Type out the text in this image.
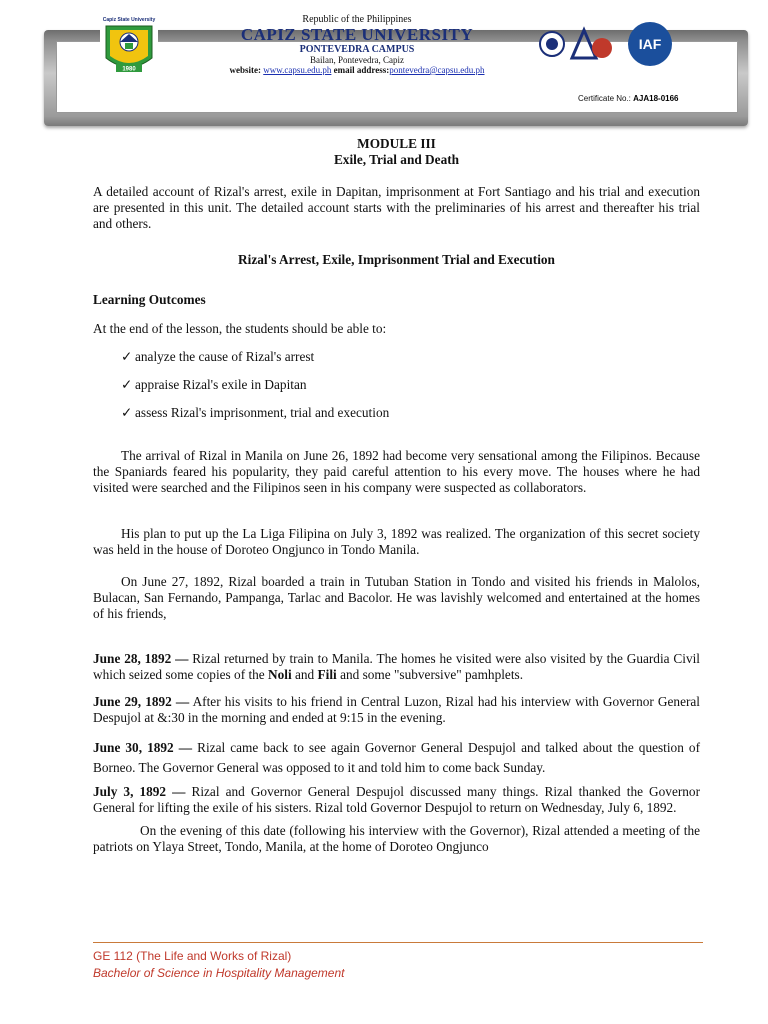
Capiz State University
1980
Republic of the Philippines
CAPIZ STATE UNIVERSITY
PONTEVEDRA CAMPUS
Bailan, Pontevedra, Capiz
website: www.capsu.edu.ph email address:pontevedra@capsu.edu.ph
IAF
Certificate No.: AJA18-0166
MODULE III
Exile, Trial and Death
A detailed account of Rizal's arrest, exile in Dapitan, imprisonment at Fort Santiago and his trial and execution are presented in this unit. The detailed account starts with the preliminaries of his arrest and thereafter his trial and others.
Rizal's Arrest, Exile, Imprisonment Trial and Execution
Learning Outcomes
At the end of the lesson, the students should be able to:
✓ analyze the cause of Rizal's arrest
✓ appraise Rizal's exile in Dapitan
✓ assess Rizal's imprisonment, trial and execution
The arrival of Rizal in Manila on June 26, 1892 had become very sensational among the Filipinos. Because the Spaniards feared his popularity, they paid careful attention to his every move. The houses where he had visited were searched and the Filipinos seen in his company were suspected as collaborators.
His plan to put up the La Liga Filipina on July 3, 1892 was realized. The organization of this secret society was held in the house of Doroteo Ongjunco in Tondo Manila.
On June 27, 1892, Rizal boarded a train in Tutuban Station in Tondo and visited his friends in Malolos, Bulacan, San Fernando, Pampanga, Tarlac and Bacolor. He was lavishly welcomed and entertained at the homes of his friends,
June 28, 1892 — Rizal returned by train to Manila. The homes he visited were also visited by the Guardia Civil which seized some copies of the Noli and Fili and some "subversive" pamhplets.
June 29, 1892 — After his visits to his friend in Central Luzon, Rizal had his interview with Governor General Despujol at &:30 in the morning and ended at 9:15 in the evening.
June 30, 1892 — Rizal came back to see again Governor General Despujol and talked about the question of Borneo. The Governor General was opposed to it and told him to come back Sunday.
July 3, 1892 — Rizal and Governor General Despujol discussed many things. Rizal thanked the Governor General for lifting the exile of his sisters. Rizal told Governor Despujol to return on Wednesday, July 6, 1892.
On the evening of this date (following his interview with the Governor), Rizal attended a meeting of the patriots on Ylaya Street, Tondo, Manila, at the home of Doroteo Ongjunco
GE 112 (The Life and Works of Rizal)
Bachelor of Science in Hospitality Management
